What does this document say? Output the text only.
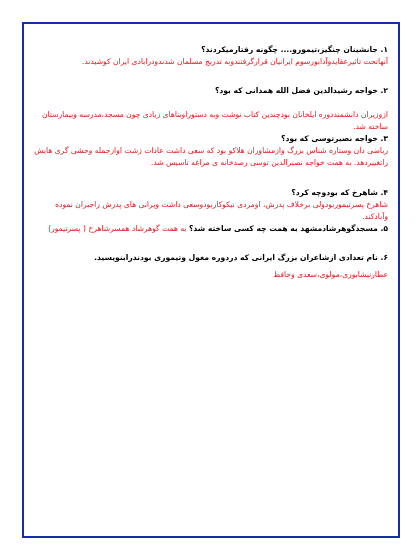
۱. جانشینان چنگیز،تیمورو.... چگونه رفتارمیکردند؟

آنهاتحت تاثیرعقایدوآدابورسوم ایرانیان قرارگرفتندوبه تدریج مسلمان شدندودرابادی ایران کوشیدند.

۲. خواجه رشیدالدین فضل الله همدانی که بود؟

ازوزیران دانشمنددوره ایلخانان بودچندین کتاب نوشت وبه دستوراوبناهای زیادی چون مسجد،مدرسه وبیمارستان ساخته شد.

۳. خواجه نصیرتوسی که بود؟

ریاضی دان وستاره شناس بزرگ وازمشاوران هلاکو بود که سعی داشت عادات زشت اوازجمله وحشی گری هایش راتغییردهد. به همت خواجه نصیرالدین توسی رصدخانه ی مراغه تاسیس شد.

۴. شاهرخ که بودوچه کرد؟

شاهرخ پسرتیموربودولی برخلاف پدرش، اومردی نیکوکاربودوسعی داشت ویرانی های پدرش راجبران نموده وآبادکند.

۵. مسجدگوهرشادمشهد به همت چه کسی ساخته شد؟ به همت گوهرشاد همسرشاهرخ ( پسرتیمور)

۶. نام تعدادی ازشاعران بزرگ ایرانی که دردوره مغول وتیموری بودندرابنویسید.

عطارنیشابوری،مولوی،سعدی وحافظ
